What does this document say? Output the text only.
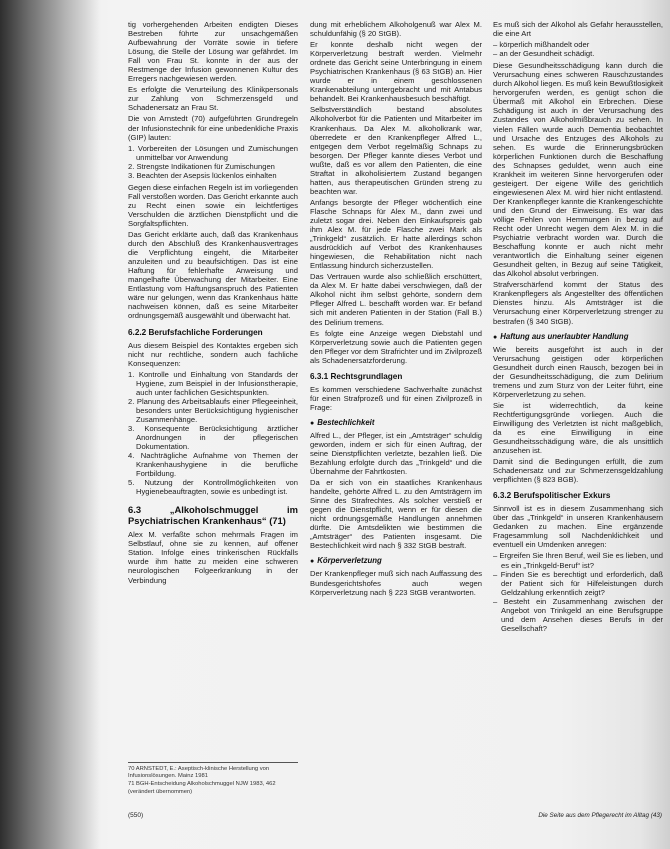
tig vorhergehenden Arbeiten endigten Dieses Bestreben führte zur unsachgemäßen Aufbewahrung der Vorräte sowie in tiefere Lösung, die Stelle der Lösung war gefährdet. Im Fall von Frau St. konnte in der aus der Restmenge der Infusion gewonnenen Kultur des Erregers nachgewiesen werden.

Es erfolgte die Verurteilung des Klinikpersonals zur Zahlung von Schmerzensgeld und Schadenersatz an Frau St.

Die von Arnstedt (70) aufgeführten Grundregeln der Infusionstechnik für eine unbedenkliche Praxis (GIP) lauten:

1. Vorbereiten der Lösungen und Zumischungen unmittelbar vor Anwendung
2. Strengste Indikationen für Zumischungen
3. Beachten der Asepsis lückenlos einhalten

Gegen diese einfachen Regeln ist im vorliegenden Fall verstoßen worden. Das Gericht erkannte auch zu Recht einen sowie ein leichtfertiges Verschulden die ärztlichen Dienstpflicht und die Sorgfaltspflichten.

Das Gericht erklärte auch, daß das Krankenhaus durch den Abschluß des Krankenhausvertrages die Verpflichtung eingeht, die Mitarbeiter anzuleiten und zu beaufsichtigen. Das ist eine Haftung für fehlerhafte Anweisung und mangelhafte Überwachung der Mitarbeiter. Eine Entlastung vom Haftungsanspruch des Patienten wäre nur gelungen, wenn das Krankenhaus hätte nachweisen können, daß es seine Mitarbeiter ordnungsgemäß ausgewählt und überwacht hat.

6.2.2 Berufsfachliche Forderungen

Aus diesem Beispiel des Kontaktes ergeben sich nicht nur rechtliche, sondern auch fachliche Konsequenzen:

1. Kontrolle und Einhaltung von Standards der Hygiene, zum Beispiel in der Infusionstherapie, auch unter fachlichen Gesichtspunkten.
2. Planung des Arbeitsablaufs einer Pflegeeinheit, besonders unter Berücksichtigung hygienischer Zusammenhänge.
3. Konsequente Berücksichtigung ärztlicher Anordnungen in der pflegerischen Dokumentation.
4. Nachträgliche Aufnahme von Themen der Krankenhaushygiene in die berufliche Fortbildung.
5. Nutzung der Kontrollmöglichkeiten von Hygienebeauftragten, sowie es unbedingt ist.
6.3 „Alkoholschmuggel im Psychiatrischen Krankenhaus“ (71)

Alex M. verfaßte schon mehrmals Fragen im Selbstlauf, ohne sie zu kennen, auf offener Station. Infolge eines trinkerischen Rückfalls wurde ihm hatte zu meiden eine schweren neurologischen Folgeerkrankung in der Verbindung

dung mit erheblichem Alkoholgenuß war Alex M. schuldunfähig (§ 20 StGB).

Er konnte deshalb nicht wegen der Körperverletzung bestraft werden. Vielmehr ordnete das Gericht seine Unterbringung in einem Psychiatrischen Krankenhaus (§ 63 StGB) an. Hier wurde er in einem geschlossenen Krankenabteilung untergebracht und mit Antabus behandelt. Bei Krankenhausbesuch beschäftigt.

Selbstverständlich bestand absolutes Alkoholverbot für die Patienten und Mitarbeiter im Krankenhaus. Da Alex M. alkoholkrank war, überredete er den Krankenpfleger Alfred L., entgegen dem Verbot regelmäßig Schnaps zu besorgen. Der Pfleger kannte dieses Verbot und wußte, daß es vor allem den Patienten, die eine Straftat in alkoholisiertem Zustand begangen hatten, aus therapeutischen Gründen streng zu beachten war.

Anfangs besorgte der Pfleger wöchentlich eine Flasche Schnaps für Alex M., dann zwei und zuletzt sogar drei. Neben den Einkaufspreis gab ihm Alex M. für jede Flasche zwei Mark als „Trinkgeld“ zusätzlich. Er hatte allerdings schon ausdrücklich auf Verbot des Krankenhauses hingewiesen, die Rehabilitation nicht nach Entlassung hindurch sicherzustellen.

Das Vertrauen wurde also schließlich erschüttert, da Alex M. Er hatte dabei verschwiegen, daß der Alkohol nicht ihm selbst gehörte, sondern dem Pfleger Alfred L. beschafft worden war. Er befand sich mit anderen Patienten in der Station (Fall B.) des Delirium tremens.

Es folgte eine Anzeige wegen Diebstahl und Körperverletzung sowie auch die Patienten gegen den Pfleger vor dem Strafrichter und im Zivilprozeß als Schadenersatzforderung.

6.3.1 Rechtsgrundlagen

Es kommen verschiedene Sachverhalte zunächst für einen Strafprozeß und für einen Zivilprozeß in Frage:

● Bestechlichkeit

Alfred L., der Pfleger, ist ein „Amtsträger“ schuldig geworden, indem er sich für einen Auftrag, der seine Dienstpflichten verletzte, bezahlen ließ. Die Bezahlung erfolgte durch das „Trinkgeld“ und die Übernahme der Fahrtkosten.

Da er sich von ein staatliches Krankenhaus handelte, gehörte Alfred L. zu den Amtsträgern im Sinne des Strafrechtes. Als solcher verstieß er gegen die Dienstpflicht, wenn er für diesen die nicht ordnungsgemäße Handlungen annehmen dürfte. Die Amtsdelikten wie bestimmen die „Amtsträger“ des Patienten insgesamt. Die Bestechlichkeit wird nach § 332 StGB bestraft.

● Körperverletzung

Der Krankenpfleger muß sich nach Auffassung des Bundesgerichtshofes auch wegen Körperverletzung nach § 223 StGB verantworten.

Es muß sich der Alkohol als Gefahr herausstellen, die eine Art

– körperlich mißhandelt oder
– an der Gesundheit schädigt.

Diese Gesundheitsschädigung kann durch die Verursachung eines schweren Rauschzustandes durch Alkohol liegen. Es muß kein Bewußtlosigkeit hervorgerufen werden, es genügt schon die Übermaß mit Alkohol ein Erbrechen. Diese Schädigung ist auch in der Verursachung des Zustandes von Alkoholmißbrauch zu sehen. In vielen Fällen wurde auch Dementia beobachtet und Ursache des Entzuges des Alkohols zu sehen. Es wurde die Erinnerungsbrücken körperlichen Funktionen durch die Beschaffung des Schnapses geduldet, wenn auch eine Krankheit im weiteren Sinne hervorgerufen oder gesteigert. Der eigene Wille des gerichtlich eingewiesenen Alex M. wird hier nicht entlastend. Der Krankenpfleger kannte die Krankengeschichte und den Grund der Einweisung. Es war das völlige Fehlen von Hemmungen in bezug auf Recht oder Unrecht wegen dem Alex M. in die Psychiatrie verbracht worden war. Durch die Beschaffung konnte er auch nicht mehr verantwortlich die Einhaltung seiner eigenen Gesundheit gelten, in Bezug auf seine Tätigkeit, das Alkohol absolut verbringen.

Strafverschärfend kommt der Status des Krankenpflegers als Angestellter des öffentlichen Dienstes hinzu. Als Amtsträger ist die Verursachung einer Körperverletzung strenger zu bestrafen (§ 340 StGB).

● Haftung aus unerlaubter Handlung

Wie bereits ausgeführt ist auch in der Verursachung geistigen oder körperlichen Gesundheit durch einen Rausch, bezogen bei in der Gesundheitsschädigung, die zum Delirium tremens und zum Sturz von der Leiter führt, eine Körperverletzung zu sehen.

Sie ist widerrechtlich, da keine Rechtfertigungsgründe vorliegen. Auch die Einwilligung des Verletzten ist nicht maßgeblich, da es eine Einwilligung in eine Gesundheitsschädigung wäre, die als unsittlich anzusehen ist.

Damit sind die Bedingungen erfüllt, die zum Schadenersatz und zur Schmerzensgeldzahlung verpflichten (§ 823 BGB).

6.3.2 Berufspolitischer Exkurs

Sinnvoll ist es in diesem Zusammenhang sich über das „Trinkgeld“ in unseren Krankenhäusern Gedanken zu machen. Eine ergänzende Fragesammlung soll Nachdenklichkeit und eventuell ein Umdenken anregen:

– Ergreifen Sie Ihren Beruf, weil Sie es lieben, und es ein „Trinkgeld-Beruf“ ist?
– Finden Sie es berechtigt und erforderlich, daß der Patient sich für Hilfeleistungen durch Geldzahlung erkenntlich zeigt?
– Besteht ein Zusammenhang zwischen der Angebot von Trinkgeld an eine Berufsgruppe und dem Ansehen dieses Berufs in der Gesellschaft?

70 ARNSTEDT, E.: Aseptisch-klinische Herstellung von Infusionslösungen. Mainz 1981

71 BGH-Entscheidung Alkoholschmuggel NJW 1983, 462 (verändert übernommen)

(550)	Die Seite aus dem Pflegerecht im Alltag (43)
